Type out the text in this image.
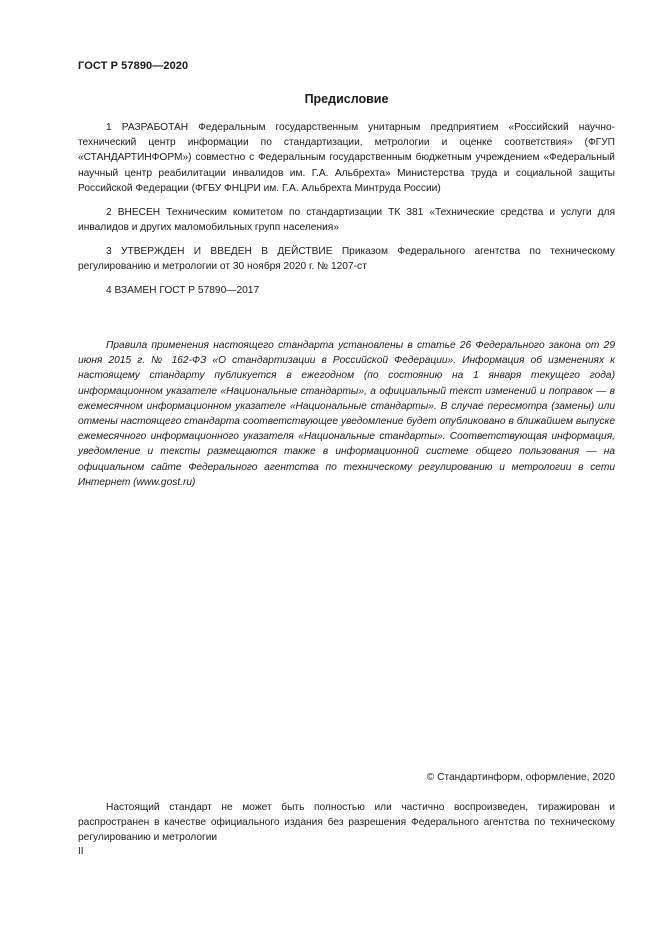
ГОСТ Р 57890—2020
Предисловие

1 РАЗРАБОТАН Федеральным государственным унитарным предприятием «Российский научно-технический центр информации по стандартизации, метрологии и оценке соответствия» (ФГУП «СТАНДАРТИНФОРМ») совместно с Федеральным государственным бюджетным учреждением «Федеральный научный центр реабилитации инвалидов им. Г.А. Альбрехта» Министерства труда и социальной защиты Российской Федерации (ФГБУ ФНЦРИ им. Г.А. Альбрехта Минтруда России)

2 ВНЕСЕН Техническим комитетом по стандартизации ТК 381 «Технические средства и услуги для инвалидов и других маломобильных групп населения»

3 УТВЕРЖДЕН И ВВЕДЕН В ДЕЙСТВИЕ Приказом Федерального агентства по техническому регулированию и метрологии от 30 ноября 2020 г. № 1207-ст

4 ВЗАМЕН ГОСТ Р 57890—2017

Правила применения настоящего стандарта установлены в статье 26 Федерального закона от 29 июня 2015 г. № 162-ФЗ «О стандартизации в Российской Федерации». Информация об изменениях к настоящему стандарту публикуется в ежегодном (по состоянию на 1 января текущего года) информационном указателе «Национальные стандарты», а официальный текст изменений и поправок — в ежемесячном информационном указателе «Национальные стандарты». В случае пересмотра (замены) или отмены настоящего стандарта соответствующее уведомление будет опубликовано в ближайшем выпуске ежемесячного информационного указателя «Национальные стандарты». Соответствующая информация, уведомление и тексты размещаются также в информационной системе общего пользования — на официальном сайте Федерального агентства по техническому регулированию и метрологии в сети Интернет (www.gost.ru)

© Стандартинформ, оформление, 2020

Настоящий стандарт не может быть полностью или частично воспроизведен, тиражирован и распространен в качестве официального издания без разрешения Федерального агентства по техническому регулированию и метрологии

II
